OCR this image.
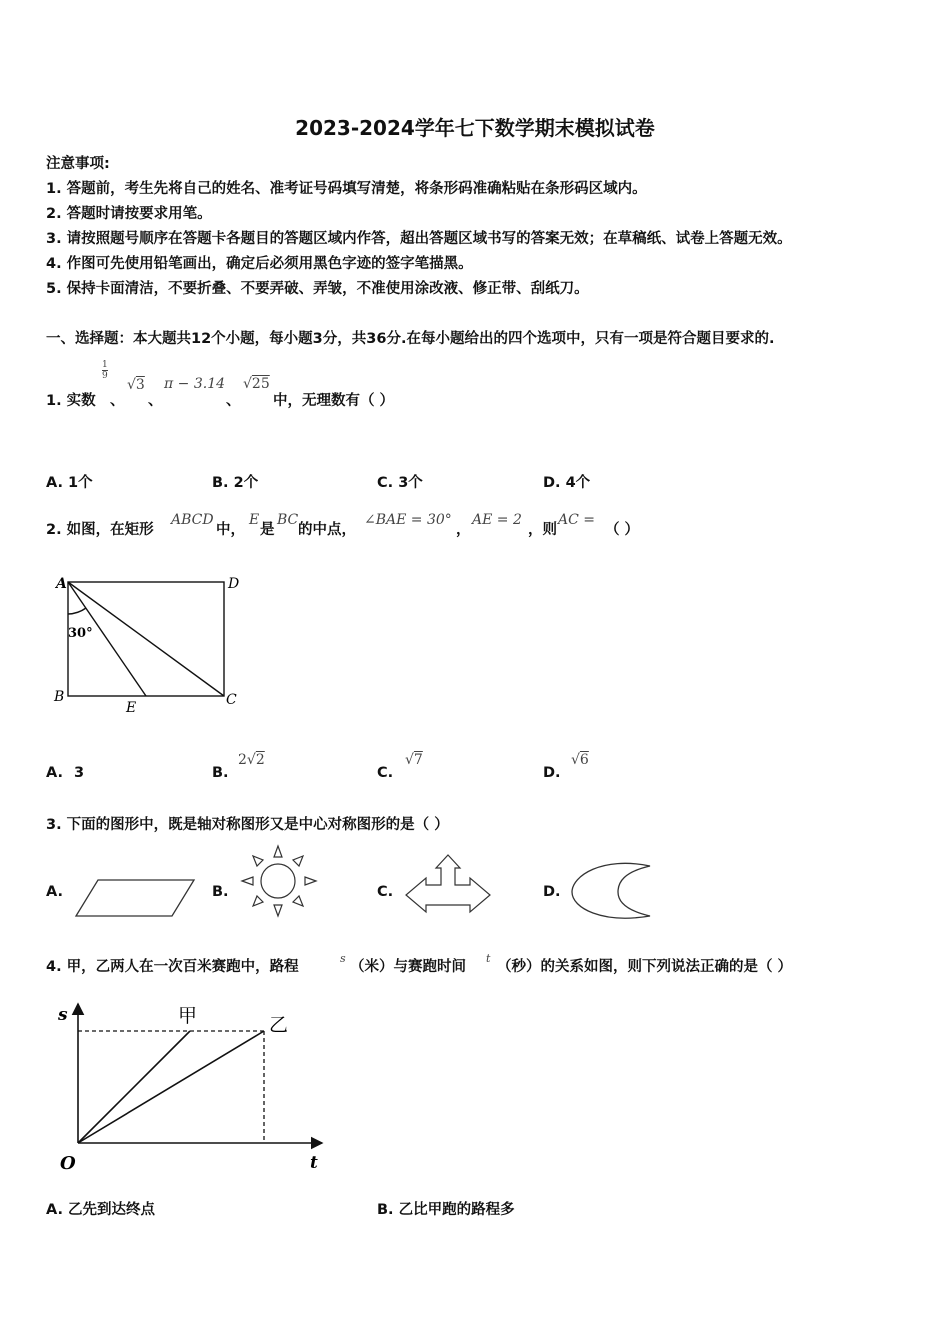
2023-2024学年七下数学期末模拟试卷
注意事项:
1. 答题前，考生先将自己的姓名、准考证号码填写清楚，将条形码准确粘贴在条形码区域内。
2. 答题时请按要求用笔。
3. 请按照题号顺序在答题卡各题目的答题区域内作答，超出答题区域书写的答案无效；在草稿纸、试卷上答题无效。
4. 作图可先使用铅笔画出，确定后必须用黑色字迹的签字笔描黑。
5. 保持卡面清洁，不要折叠、不要弄破、弄皱，不准使用涂改液、修正带、刮纸刀。
一、选择题：本大题共12个小题，每小题3分，共36分.在每小题给出的四个选项中，只有一项是符合题目要求的.
1. 实数 、
$\frac{1}{9}$
√3
、
π − 3.14
、
√25
中，无理数有（ ）
A. 1个	B. 2个	C. 3个	D. 4个
2. 如图，在矩形
ABCD
中，
E
是
BC
的中点，
∠BAE = 30°
，
AE = 2
，则
AC =
（ ）
A	D
B	C
E
30°
A. 3	B.
2√2
C.
√7
D.
√6
3. 下面的图形中，既是轴对称图形又是中心对称图形的是（ ）
A.	B.	C.	D.
4. 甲，乙两人在一次百米赛跑中，路程
s
（米）与赛跑时间
t
（秒）的关系如图，则下列说法正确的是（ ）
s
t
O
甲	乙
A. 乙先到达终点	B. 乙比甲跑的路程多
